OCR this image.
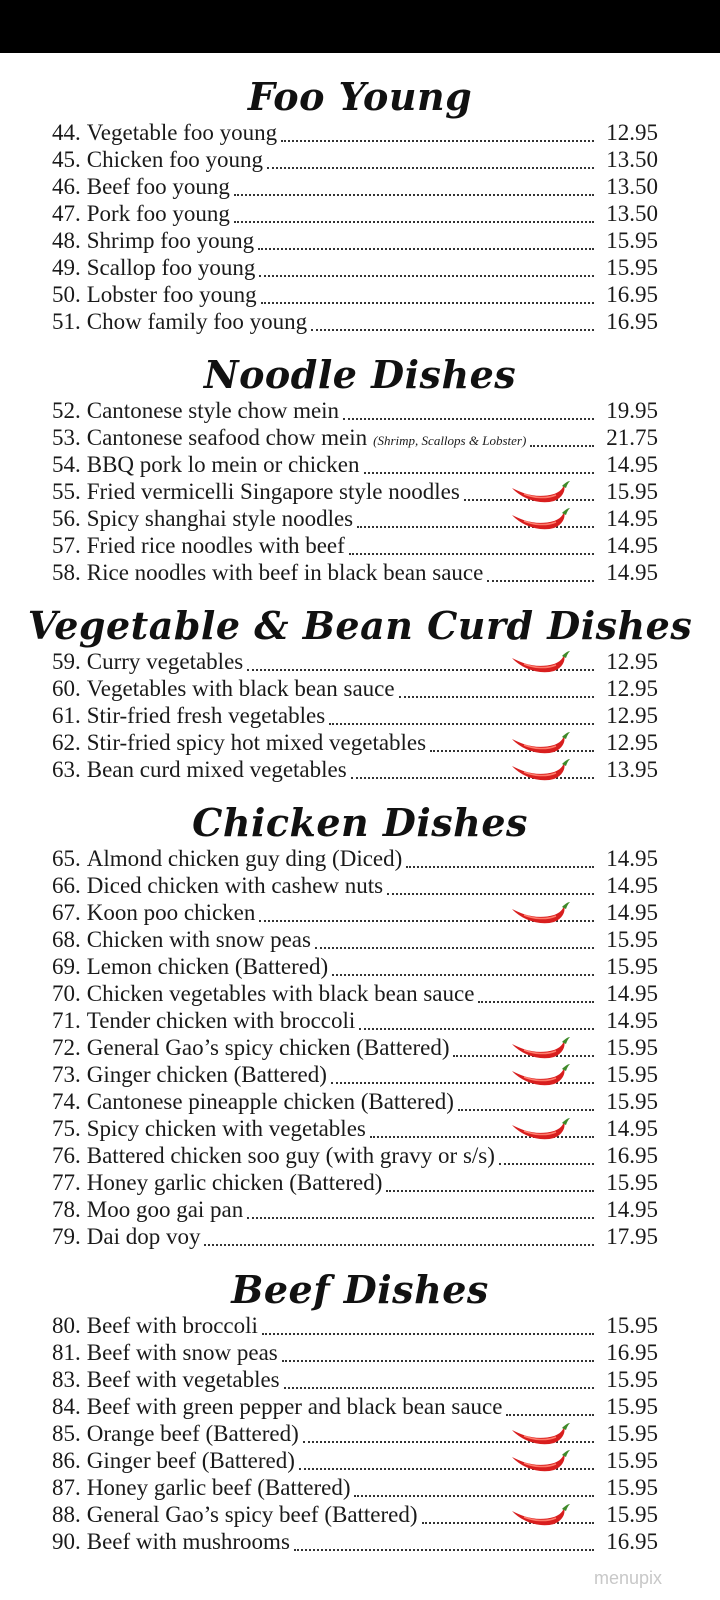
Foo Young
44. Vegetable foo young	12.95
45. Chicken foo young	13.50
46. Beef foo young	13.50
47. Pork foo young	13.50
48. Shrimp foo young	15.95
49. Scallop foo young	15.95
50. Lobster foo young	16.95
51. Chow family foo young	16.95
Noodle Dishes
52. Cantonese style chow mein	19.95
53. Cantonese seafood chow mein (Shrimp, Scallops & Lobster)	21.75
54. BBQ pork lo mein or chicken	14.95
55. Fried vermicelli Singapore style noodles	15.95
56. Spicy shanghai style noodles	14.95
57. Fried rice noodles with beef	14.95
58. Rice noodles with beef in black bean sauce	14.95
Vegetable & Bean Curd Dishes
59. Curry vegetables	12.95
60. Vegetables with black bean sauce	12.95
61. Stir-fried fresh vegetables	12.95
62. Stir-fried spicy hot mixed vegetables	12.95
63. Bean curd mixed vegetables	13.95
Chicken Dishes
65. Almond chicken guy ding (Diced)	14.95
66. Diced chicken with cashew nuts	14.95
67. Koon poo chicken	14.95
68. Chicken with snow peas	15.95
69. Lemon chicken (Battered)	15.95
70. Chicken vegetables with black bean sauce	14.95
71. Tender chicken with broccoli	14.95
72. General Gao’s spicy chicken (Battered)	15.95
73. Ginger chicken (Battered)	15.95
74. Cantonese pineapple chicken (Battered)	15.95
75. Spicy chicken with vegetables	14.95
76. Battered chicken soo guy (with gravy or s/s)	16.95
77. Honey garlic chicken (Battered)	15.95
78. Moo goo gai pan	14.95
79. Dai dop voy	17.95
Beef Dishes
80. Beef with broccoli	15.95
81. Beef with snow peas	16.95
83. Beef with vegetables	15.95
84. Beef with green pepper and black bean sauce	15.95
85. Orange beef (Battered)	15.95
86. Ginger beef (Battered)	15.95
87. Honey garlic beef (Battered)	15.95
88. General Gao’s spicy beef (Battered)	15.95
90. Beef with mushrooms	16.95
menupix
